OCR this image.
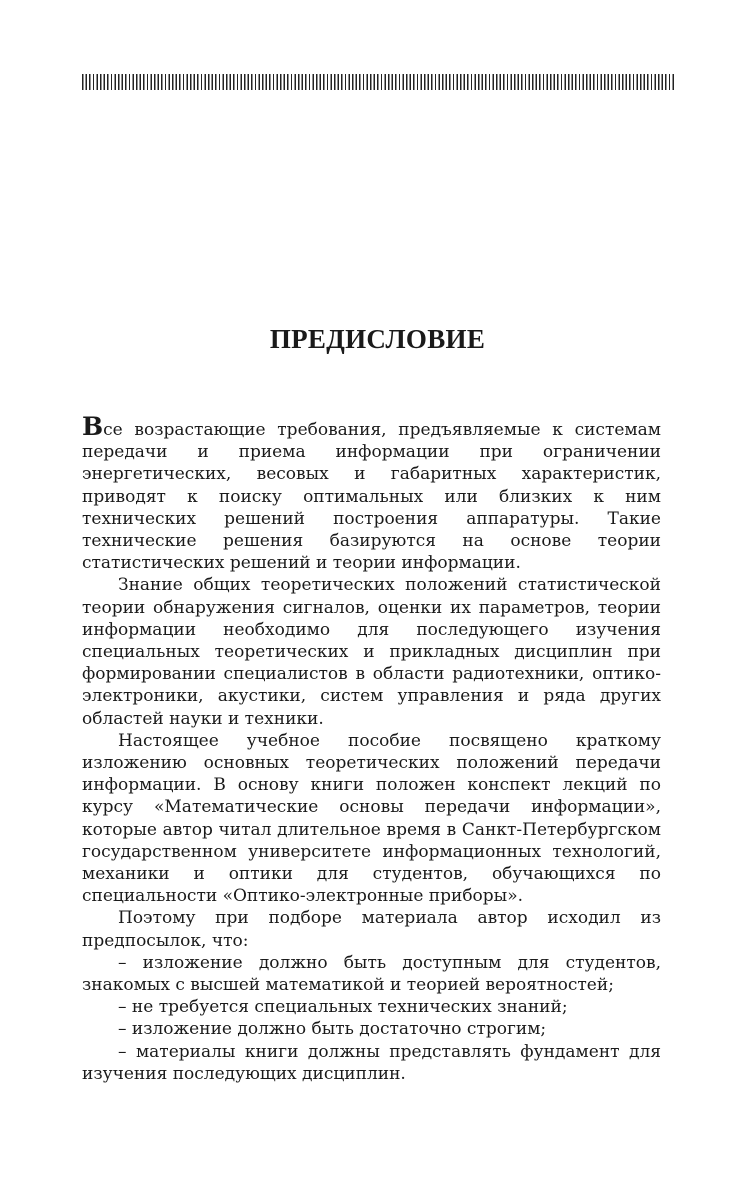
ПРЕДИСЛОВИЕ

Все возрастающие требования, предъявляемые к системам передачи и приема информации при ограничении энергетических, весовых и габаритных характеристик, приводят к поиску оптимальных или близких к ним технических решений построения аппаратуры. Такие технические решения базируются на основе теории статистических решений и теории информации.

Знание общих теоретических положений статистической теории обнаружения сигналов, оценки их параметров, теории информации необходимо для последующего изучения специальных теоретических и прикладных дисциплин при формировании специалистов в области радиотехники, оптико-электроники, акустики, систем управления и ряда других областей науки и техники.

Настоящее учебное пособие посвящено краткому изложению основных теоретических положений передачи информации. В основу книги положен конспект лекций по курсу «Математические основы передачи информации», которые автор читал длительное время в Санкт-Петербургском государственном университете информационных технологий, механики и оптики для студентов, обучающихся по специальности «Оптико-электронные приборы».

Поэтому при подборе материала автор исходил из предпосылок, что:

– изложение должно быть доступным для студентов, знакомых с высшей математикой и теорией вероятностей;

– не требуется специальных технических знаний;

– изложение должно быть достаточно строгим;

– материалы книги должны представлять фундамент для изучения последующих дисциплин.
